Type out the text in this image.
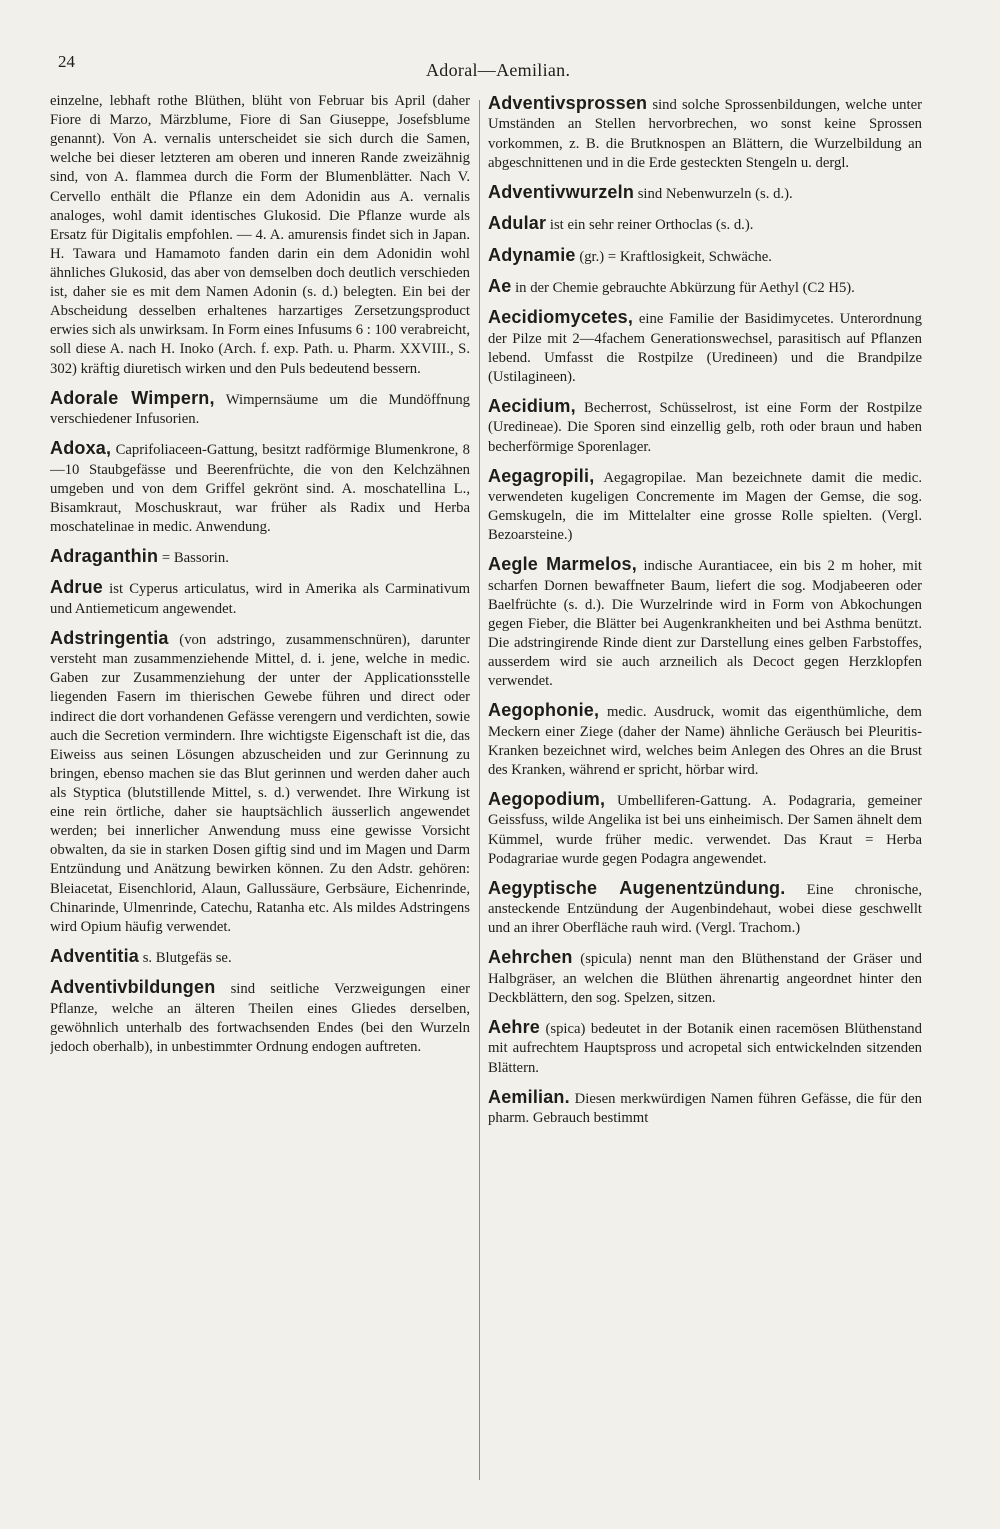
24	Adoral—Aemilian.

einzelne, lebhaft rothe Blüthen, blüht von Februar bis April (daher Fiore di Marzo, Märzblume, Fiore di San Giuseppe, Josefsblume genannt). Von A. vernalis unterscheidet sie sich durch die Samen, welche bei dieser letzteren am oberen und inneren Rande zweizähnig sind, von A. flammea durch die Form der Blumenblätter. Nach V. Cervello enthält die Pflanze ein dem Adonidin aus A. vernalis analoges, wohl damit identisches Glukosid. Die Pflanze wurde als Ersatz für Digitalis empfohlen. — 4. A. amurensis findet sich in Japan. H. Tawara und Hamamoto fanden darin ein dem Adonidin wohl ähnliches Glukosid, das aber von demselben doch deutlich verschieden ist, daher sie es mit dem Namen Adonin (s. d.) belegten. Ein bei der Abscheidung desselben erhaltenes harzartiges Zersetzungsproduct erwies sich als unwirksam. In Form eines Infusums 6 : 100 verabreicht, soll diese A. nach H. Inoko (Arch. f. exp. Path. u. Pharm. XXVIII., S. 302) kräftig diuretisch wirken und den Puls bedeutend bessern.

Adorale Wimpern, Wimpernsäume um die Mundöffnung verschiedener Infusorien.

Adoxa, Caprifoliaceen-Gattung, besitzt radförmige Blumenkrone, 8—10 Staubgefässe und Beerenfrüchte, die von den Kelchzähnen umgeben und von dem Griffel gekrönt sind. A. moschatellina L., Bisamkraut, Moschuskraut, war früher als Radix und Herba moschatelinae in medic. Anwendung.

Adraganthin = Bassorin.

Adrue ist Cyperus articulatus, wird in Amerika als Carminativum und Antiemeticum angewendet.

Adstringentia (von adstringo, zusammenschnüren), darunter versteht man zusammenziehende Mittel, d. i. jene, welche in medic. Gaben zur Zusammenziehung der unter der Applicationsstelle liegenden Fasern im thierischen Gewebe führen und direct oder indirect die dort vorhandenen Gefässe verengern und verdichten, sowie auch die Secretion vermindern. Ihre wichtigste Eigenschaft ist die, das Eiweiss aus seinen Lösungen abzuscheiden und zur Gerinnung zu bringen, ebenso machen sie das Blut gerinnen und werden daher auch als Styptica (blutstillende Mittel, s. d.) verwendet. Ihre Wirkung ist eine rein örtliche, daher sie hauptsächlich äusserlich angewendet werden; bei innerlicher Anwendung muss eine gewisse Vorsicht obwalten, da sie in starken Dosen giftig sind und im Magen und Darm Entzündung und Anätzung bewirken können. Zu den Adstr. gehören: Bleiacetat, Eisenchlorid, Alaun, Gallussäure, Gerbsäure, Eichenrinde, Chinarinde, Ulmenrinde, Catechu, Ratanha etc. Als mildes Adstringens wird Opium häufig verwendet.

Adventitia s. Blutgefäs se.

Adventivbildungen sind seitliche Verzweigungen einer Pflanze, welche an älteren Theilen eines Gliedes derselben, gewöhnlich unterhalb des fortwachsenden Endes (bei den Wurzeln jedoch oberhalb), in unbestimmter Ordnung endogen auftreten.

Adventivsprossen sind solche Sprossenbildungen, welche unter Umständen an Stellen hervorbrechen, wo sonst keine Sprossen vorkommen, z. B. die Brutknospen an Blättern, die Wurzelbildung an abgeschnittenen und in die Erde gesteckten Stengeln u. dergl.

Adventivwurzeln sind Nebenwurzeln (s. d.).

Adular ist ein sehr reiner Orthoclas (s. d.).

Adynamie (gr.) = Kraftlosigkeit, Schwäche.

Ae in der Chemie gebrauchte Abkürzung für Aethyl (C2 H5).

Aecidiomycetes, eine Familie der Basidimycetes. Unterordnung der Pilze mit 2—4fachem Generationswechsel, parasitisch auf Pflanzen lebend. Umfasst die Rostpilze (Uredineen) und die Brandpilze (Ustilagineen).

Aecidium, Becherrost, Schüsselrost, ist eine Form der Rostpilze (Uredineae). Die Sporen sind einzellig gelb, roth oder braun und haben becherförmige Sporenlager.

Aegagropili, Aegagropilae. Man bezeichnete damit die medic. verwendeten kugeligen Concremente im Magen der Gemse, die sog. Gemskugeln, die im Mittelalter eine grosse Rolle spielten. (Vergl. Bezoarsteine.)

Aegle Marmelos, indische Aurantiacee, ein bis 2 m hoher, mit scharfen Dornen bewaffneter Baum, liefert die sog. Modjabeeren oder Baelfrüchte (s. d.). Die Wurzelrinde wird in Form von Abkochungen gegen Fieber, die Blätter bei Augenkrankheiten und bei Asthma benützt. Die adstringirende Rinde dient zur Darstellung eines gelben Farbstoffes, ausserdem wird sie auch arzneilich als Decoct gegen Herzklopfen verwendet.

Aegophonie, medic. Ausdruck, womit das eigenthümliche, dem Meckern einer Ziege (daher der Name) ähnliche Geräusch bei Pleuritis-Kranken bezeichnet wird, welches beim Anlegen des Ohres an die Brust des Kranken, während er spricht, hörbar wird.

Aegopodium, Umbelliferen-Gattung. A. Podagraria, gemeiner Geissfuss, wilde Angelika ist bei uns einheimisch. Der Samen ähnelt dem Kümmel, wurde früher medic. verwendet. Das Kraut = Herba Podagrariae wurde gegen Podagra angewendet.

Aegyptische Augenentzündung. Eine chronische, ansteckende Entzündung der Augenbindehaut, wobei diese geschwellt und an ihrer Oberfläche rauh wird. (Vergl. Trachom.)

Aehrchen (spicula) nennt man den Blüthenstand der Gräser und Halbgräser, an welchen die Blüthen ährenartig angeordnet hinter den Deckblättern, den sog. Spelzen, sitzen.

Aehre (spica) bedeutet in der Botanik einen racemösen Blüthenstand mit aufrechtem Hauptspross und acropetal sich entwickelnden sitzenden Blättern.

Aemilian. Diesen merkwürdigen Namen führen Gefässe, die für den pharm. Gebrauch bestimmt
